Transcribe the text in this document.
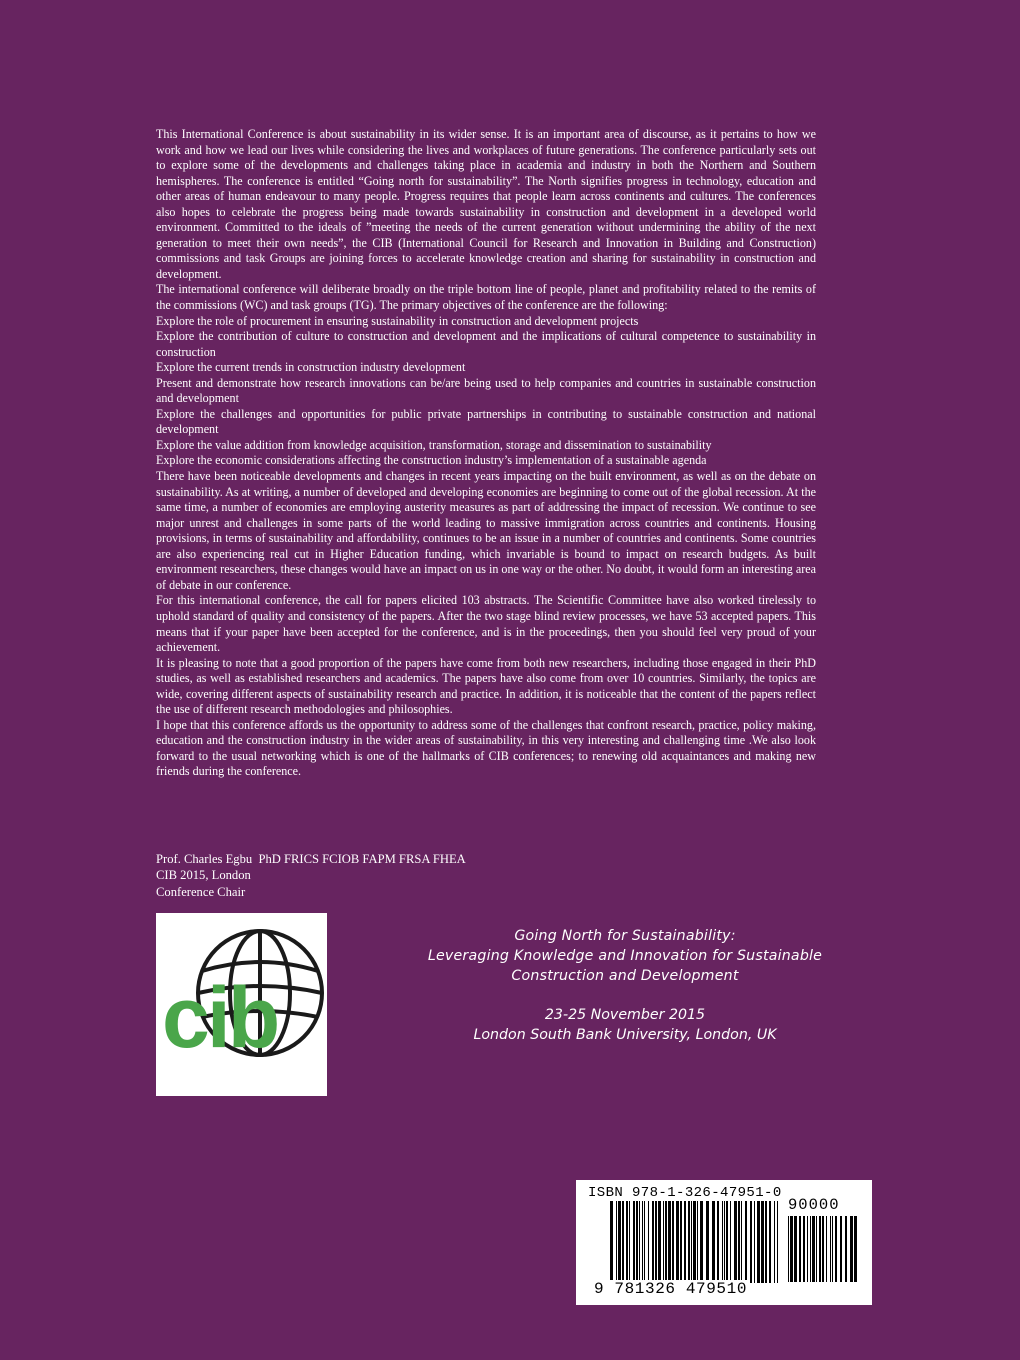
This International Conference is about sustainability in its wider sense. It is an important area of discourse, as it pertains to how we work and how we lead our lives while considering the lives and workplaces of future generations. The conference particularly sets out to explore some of the developments and challenges taking place in academia and industry in both the Northern and Southern hemispheres. The conference is entitled “Going north for sustainability”. The North signifies progress in technology, education and other areas of human endeavour to many people. Progress requires that people learn across continents and cultures. The conferences also hopes to celebrate the progress being made towards sustainability in construction and development in a developed world environment. Committed to the ideals of ”meeting the needs of the current generation without undermining the ability of the next generation to meet their own needs”, the CIB (International Council for Research and Innovation in Building and Construction) commissions and task Groups are joining forces to accelerate knowledge creation and sharing for sustainability in construction and development.

The international conference will deliberate broadly on the triple bottom line of people, planet and profitability related to the remits of the commissions (WC) and task groups (TG). The primary objectives of the conference are the following:

Explore the role of procurement in ensuring sustainability in construction and development projects

Explore the contribution of culture to construction and development and the implications of cultural competence to sustainability in construction

Explore the current trends in construction industry development

Present and demonstrate how research innovations can be/are being used to help companies and countries in sustainable construction and development

Explore the challenges and opportunities for public private partnerships in contributing to sustainable construction and national development

Explore the value addition from knowledge acquisition, transformation, storage and dissemination to sustainability

Explore the economic considerations affecting the construction industry’s implementation of a sustainable agenda

There have been noticeable developments and changes in recent years impacting on the built environment, as well as on the debate on sustainability. As at writing, a number of developed and developing economies are beginning to come out of the global recession. At the same time, a number of economies are employing austerity measures as part of addressing the impact of recession. We continue to see major unrest and challenges in some parts of the world leading to massive immigration across countries and continents. Housing provisions, in terms of sustainability and affordability, continues to be an issue in a number of countries and continents. Some countries are also experiencing real cut in Higher Education funding, which invariable is bound to impact on research budgets. As built environment researchers, these changes would have an impact on us in one way or the other. No doubt, it would form an interesting area of debate in our conference.

For this international conference, the call for papers elicited 103 abstracts. The Scientific Committee have also worked tirelessly to uphold standard of quality and consistency of the papers. After the two stage blind review processes, we have 53 accepted papers. This means that if your paper have been accepted for the conference, and is in the proceedings, then you should feel very proud of your achievement.

It is pleasing to note that a good proportion of the papers have come from both new researchers, including those engaged in their PhD studies, as well as established researchers and academics. The papers have also come from over 10 countries. Similarly, the topics are wide, covering different aspects of sustainability research and practice. In addition, it is noticeable that the content of the papers reflect the use of different research methodologies and philosophies.

I hope that this conference affords us the opportunity to address some of the challenges that confront research, practice, policy making, education and the construction industry in the wider areas of sustainability, in this very interesting and challenging time .We also look forward to the usual networking which is one of the hallmarks of CIB conferences; to renewing old acquaintances and making new friends during the conference.

Prof. Charles Egbu  PhD FRICS FCIOB FAPM FRSA FHEA
CIB 2015, London
Conference Chair
cib
Going North for Sustainability:
Leveraging Knowledge and Innovation for Sustainable
Construction and Development
23-25 November 2015
London South Bank University, London, UK
ISBN 978-1-326-47951-0
90000
9 781326 479510
